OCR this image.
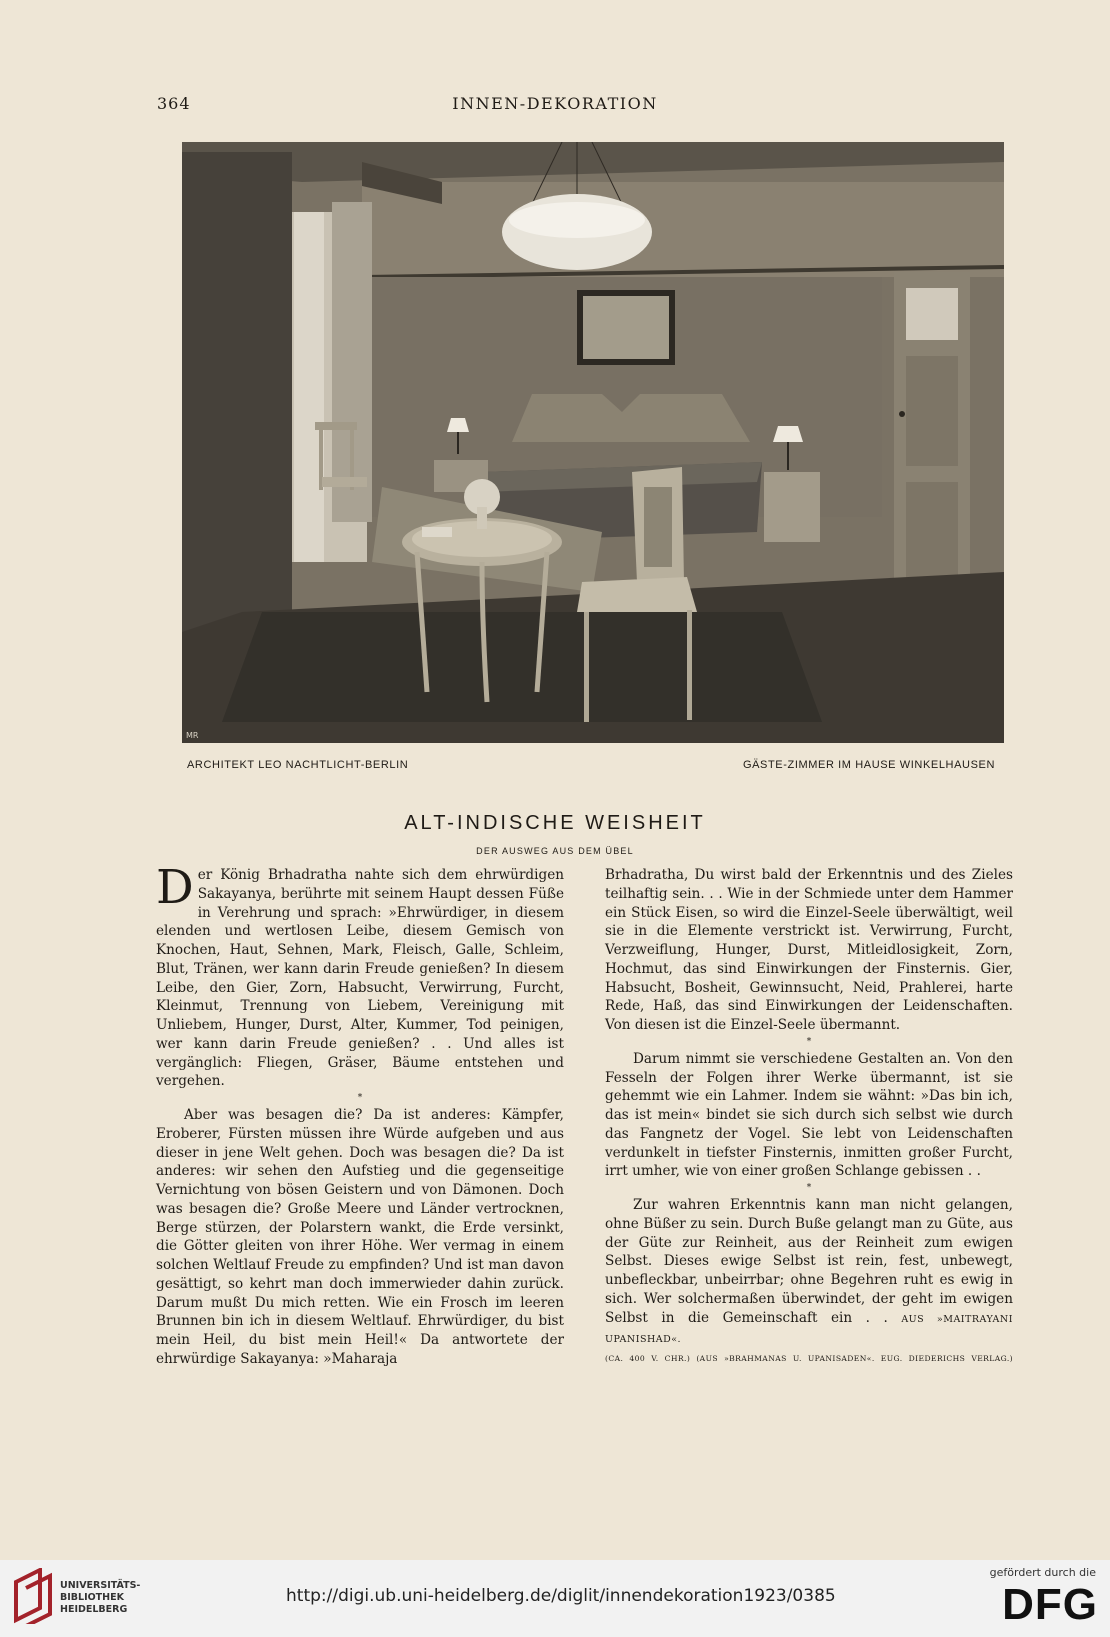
364	INNEN-DEKORATION
MR
ARCHITEKT LEO NACHTLICHT-BERLIN	GÄSTE-ZIMMER IM HAUSE WINKELHAUSEN
ALT-INDISCHE WEISHEIT
DER AUSWEG AUS DEM ÜBEL

Der König Brhadratha nahte sich dem ehrwürdigen Sakayanya, berührte mit seinem Haupt dessen Füße in Verehrung und sprach: »Ehrwürdiger, in diesem elenden und wertlosen Leibe, diesem Gemisch von Knochen, Haut, Sehnen, Mark, Fleisch, Galle, Schleim, Blut, Tränen, wer kann darin Freude genießen? In diesem Leibe, den Gier, Zorn, Habsucht, Verwirrung, Furcht, Kleinmut, Trennung von Liebem, Vereinigung mit Unliebem, Hunger, Durst, Alter, Kummer, Tod peinigen, wer kann darin Freude genießen? . . Und alles ist vergänglich: Fliegen, Gräser, Bäume entstehen und vergehen.

*

Aber was besagen die? Da ist anderes: Kämpfer, Eroberer, Fürsten müssen ihre Würde aufgeben und aus dieser in jene Welt gehen. Doch was besagen die? Da ist anderes: wir sehen den Aufstieg und die gegenseitige Vernichtung von bösen Geistern und von Dämonen. Doch was besagen die? Große Meere und Länder vertrocknen, Berge stürzen, der Polarstern wankt, die Erde versinkt, die Götter gleiten von ihrer Höhe. Wer vermag in einem solchen Weltlauf Freude zu empfinden? Und ist man davon gesättigt, so kehrt man doch immerwieder dahin zurück. Darum mußt Du mich retten. Wie ein Frosch im leeren Brunnen bin ich in diesem Weltlauf. Ehrwürdiger, du bist mein Heil, du bist mein Heil!« Da antwortete der ehrwürdige Sakayanya: »Maharaja

Brhadratha, Du wirst bald der Erkenntnis und des Zieles teilhaftig sein. . . Wie in der Schmiede unter dem Hammer ein Stück Eisen, so wird die Einzel-Seele überwältigt, weil sie in die Elemente verstrickt ist. Verwirrung, Furcht, Verzweiflung, Hunger, Durst, Mitleidlosigkeit, Zorn, Hochmut, das sind Einwirkungen der Finsternis. Gier, Habsucht, Bosheit, Gewinnsucht, Neid, Prahlerei, harte Rede, Haß, das sind Einwirkungen der Leidenschaften. Von diesen ist die Einzel-Seele übermannt.

*

Darum nimmt sie verschiedene Gestalten an. Von den Fesseln der Folgen ihrer Werke übermannt, ist sie gehemmt wie ein Lahmer. Indem sie wähnt: »Das bin ich, das ist mein« bindet sie sich durch sich selbst wie durch das Fangnetz der Vogel. Sie lebt von Leidenschaften verdunkelt in tiefster Finsternis, inmitten großer Furcht, irrt umher, wie von einer großen Schlange gebissen . .

*

Zur wahren Erkenntnis kann man nicht gelangen, ohne Büßer zu sein. Durch Buße gelangt man zu Güte, aus der Güte zur Reinheit, aus der Reinheit zum ewigen Selbst. Dieses ewige Selbst ist rein, fest, unbewegt, unbefleckbar, unbeirrbar; ohne Begehren ruht es ewig in sich. Wer solchermaßen überwindet, der geht im ewigen Selbst in die Gemeinschaft ein . . AUS »MAITRAYANI UPANISHAD«.

(CA. 400 V. CHR.) (AUS »BRAHMANAS U. UPANISADEN«. EUG. DIEDERICHS VERLAG.)
UNIVERSITÄTS-
BIBLIOTHEK
HEIDELBERG
http://digi.ub.uni-heidelberg.de/diglit/innendekoration1923/0385
gefördert durch die
DFG
